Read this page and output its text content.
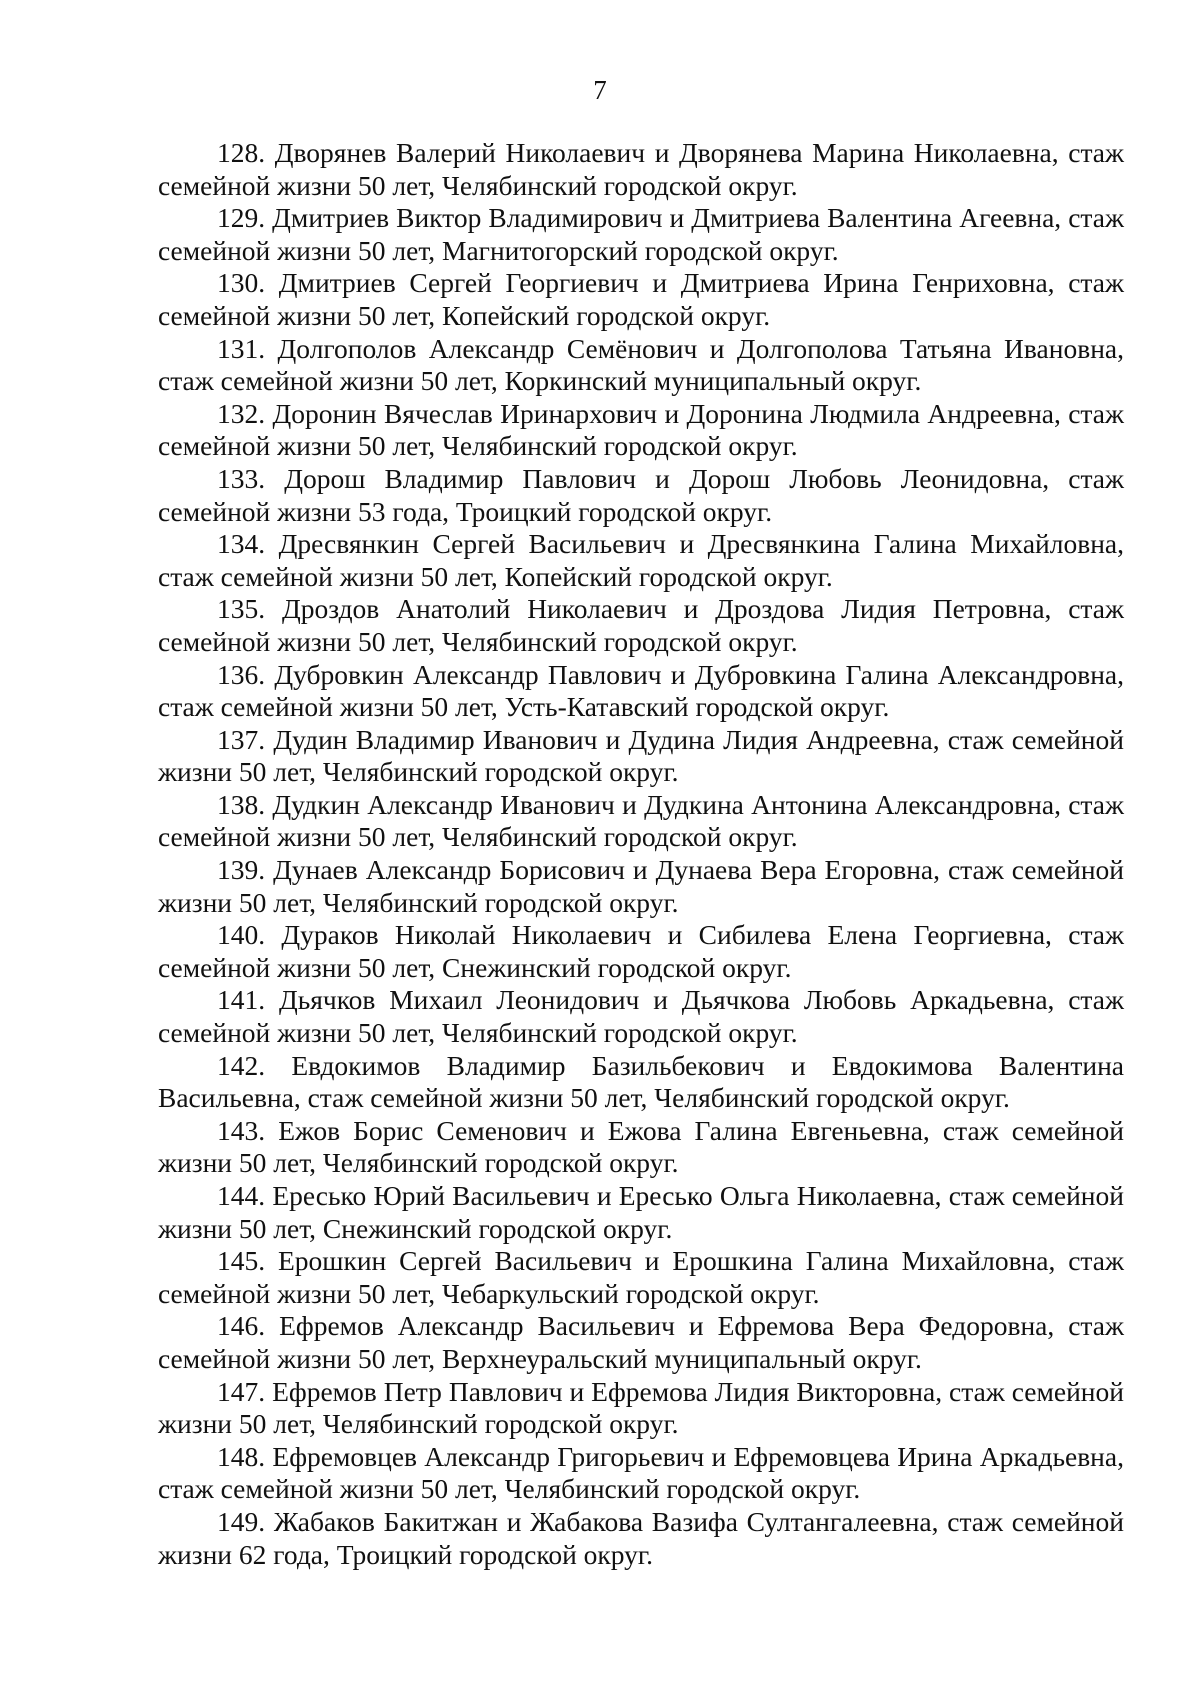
7
128. Дворянев Валерий Николаевич и Дворянева Марина Николаевна, стаж семейной жизни 50 лет, Челябинский городской округ.
129. Дмитриев Виктор Владимирович и Дмитриева Валентина Агеевна, стаж семейной жизни 50 лет, Магнитогорский городской округ.
130. Дмитриев Сергей Георгиевич и Дмитриева Ирина Генриховна, стаж семейной жизни 50 лет, Копейский городской округ.
131. Долгополов Александр Семёнович и Долгополова Татьяна Ивановна, стаж семейной жизни 50 лет, Коркинский муниципальный округ.
132. Доронин Вячеслав Иринархович и Доронина Людмила Андреевна, стаж семейной жизни 50 лет, Челябинский городской округ.
133. Дорош Владимир Павлович и Дорош Любовь Леонидовна, стаж семейной жизни 53 года, Троицкий городской округ.
134. Дресвянкин Сергей Васильевич и Дресвянкина Галина Михайловна, стаж семейной жизни 50 лет, Копейский городской округ.
135. Дроздов Анатолий Николаевич и Дроздова Лидия Петровна, стаж семейной жизни 50 лет, Челябинский городской округ.
136. Дубровкин Александр Павлович и Дубровкина Галина Александровна, стаж семейной жизни 50 лет, Усть-Катавский городской округ.
137. Дудин Владимир Иванович и Дудина Лидия Андреевна, стаж семейной жизни 50 лет, Челябинский городской округ.
138. Дудкин Александр Иванович и Дудкина Антонина Александровна, стаж семейной жизни 50 лет, Челябинский городской округ.
139. Дунаев Александр Борисович и Дунаева Вера Егоровна, стаж семейной жизни 50 лет, Челябинский городской округ.
140. Дураков Николай Николаевич и Сибилева Елена Георгиевна, стаж семейной жизни 50 лет, Снежинский городской округ.
141. Дьячков Михаил Леонидович и Дьячкова Любовь Аркадьевна, стаж семейной жизни 50 лет, Челябинский городской округ.
142. Евдокимов Владимир Базильбекович и Евдокимова Валентина Васильевна, стаж семейной жизни 50 лет, Челябинский городской округ.
143. Ежов Борис Семенович и Ежова Галина Евгеньевна, стаж семейной жизни 50 лет, Челябинский городской округ.
144. Ересько Юрий Васильевич и Ересько Ольга Николаевна, стаж семейной жизни 50 лет, Снежинский городской округ.
145. Ерошкин Сергей Васильевич и Ерошкина Галина Михайловна, стаж семейной жизни 50 лет, Чебаркульский городской округ.
146. Ефремов Александр Васильевич и Ефремова Вера Федоровна, стаж семейной жизни 50 лет, Верхнеуральский муниципальный округ.
147. Ефремов Петр Павлович и Ефремова Лидия Викторовна, стаж семейной жизни 50 лет, Челябинский городской округ.
148. Ефремовцев Александр Григорьевич и Ефремовцева Ирина Аркадьевна, стаж семейной жизни 50 лет, Челябинский городской округ.
149. Жабаков Бакитжан и Жабакова Вазифа Султангалеевна, стаж семейной жизни 62 года, Троицкий городской округ.
